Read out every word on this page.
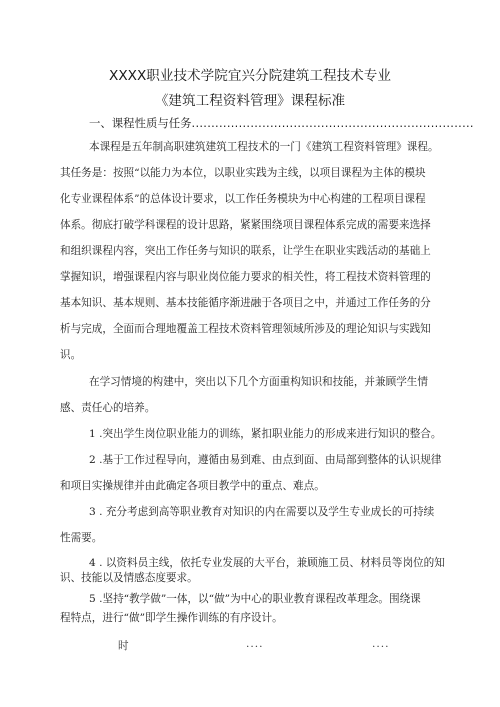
XXXX职业技术学院宜兴分院建筑工程技术专业
《建筑工程资料管理》课程标准
一、课程性质与任务........................................................................
本课程是五年制高职建筑建筑工程技术的一门《建筑工程资料管理》课程。
其任务是：按照“以能力为本位，以职业实践为主线，以项目课程为主体的模块
化专业课程体系”的总体设计要求，以工作任务模块为中心构建的工程项目课程
体系。彻底打破学科课程的设计思路，紧紧围绕项目课程体系完成的需要来选择
和组织课程内容，突出工作任务与知识的联系，让学生在职业实践活动的基础上
掌握知识，增强课程内容与职业岗位能力要求的相关性，将工程技术资料管理的
基本知识、基本规则、基本技能循序渐进融于各项目之中，并通过工作任务的分
析与完成，全面而合理地覆盖工程技术资料管理领域所涉及的理论知识与实践知
识。
在学习情境的构建中，突出以下几个方面重构知识和技能，并兼顾学生情
感、责任心的培养。
1 .突出学生岗位职业能力的训练，紧扣职业能力的形成来进行知识的整合。
2 .基于工作过程导向，遵循由易到难、由点到面、由局部到整体的认识规律
和项目实操规律并由此确定各项目教学中的重点、难点。
3 . 充分考虑到高等职业教育对知识的内在需要以及学生专业成长的可持续
性需要。
4 . 以资料员主线，依托专业发展的大平台，兼顾施工员、材料员等岗位的知
识、技能以及情感态度要求。
5 .坚持“教学做”一体，以“做”为中心的职业教育课程改革理念。围绕课
程特点，进行“做”即学生操作训练的有序设计。
时	....	....
